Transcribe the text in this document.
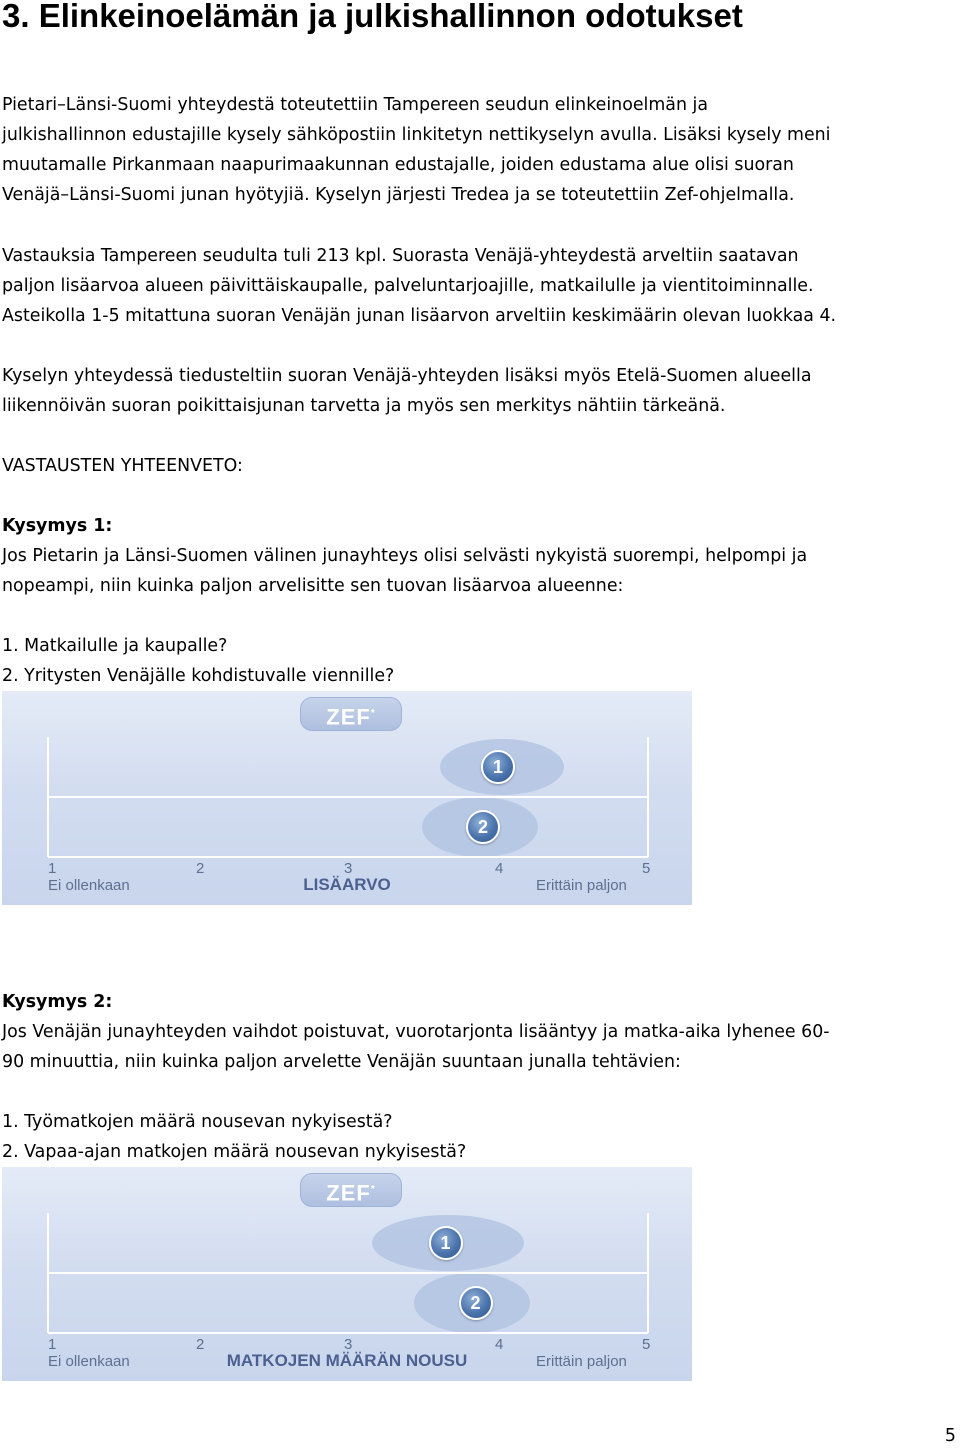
3. Elinkeinoelämän ja julkishallinnon odotukset
Pietari–Länsi-Suomi yhteydestä toteutettiin Tampereen seudun elinkeinoelmän ja
julkishallinnon edustajille kysely sähköpostiin linkitetyn nettikyselyn avulla. Lisäksi kysely meni
muutamalle Pirkanmaan naapurimaakunnan edustajalle, joiden edustama alue olisi suoran
Venäjä–Länsi-Suomi junan hyötyjiä. Kyselyn järjesti Tredea ja se toteutettiin Zef-ohjelmalla.
Vastauksia Tampereen seudulta tuli 213 kpl. Suorasta Venäjä-yhteydestä arveltiin saatavan
paljon lisäarvoa alueen päivittäiskaupalle, palveluntarjoajille, matkailulle ja vientitoiminnalle.
Asteikolla 1-5 mitattuna suoran Venäjän junan lisäarvon arveltiin keskimäärin olevan luokkaa 4.
Kyselyn yhteydessä tiedusteltiin suoran Venäjä-yhteyden lisäksi myös Etelä-Suomen alueella
liikennöivän suoran poikittaisjunan tarvetta ja myös sen merkitys nähtiin tärkeänä.

VASTAUSTEN YHTEENVETO:

Kysymys 1:

Jos Pietarin ja Länsi-Suomen välinen junayhteys olisi selvästi nykyistä suorempi, helpompi ja
nopeampi, niin kuinka paljon arvelisitte sen tuovan lisäarvoa alueenne:
1. Matkailulle ja kaupalle?
2. Yritysten Venäjälle kohdistuvalle viennille?
ZEF*
1	2	3	4	5
Ei ollenkaan	LISÄARVO	Erittäin paljon
1
2

Kysymys 2:

Jos Venäjän junayhteyden vaihdot poistuvat, vuorotarjonta lisääntyy ja matka-aika lyhenee 60-
90 minuuttia, niin kuinka paljon arvelette Venäjän suuntaan junalla tehtävien:
1. Työmatkojen määrä nousevan nykyisestä?
2. Vapaa-ajan matkojen määrä nousevan nykyisestä?
ZEF*
1	2	3	4	5
Ei ollenkaan	MATKOJEN MÄÄRÄN NOUSU	Erittäin paljon
1
2
5
